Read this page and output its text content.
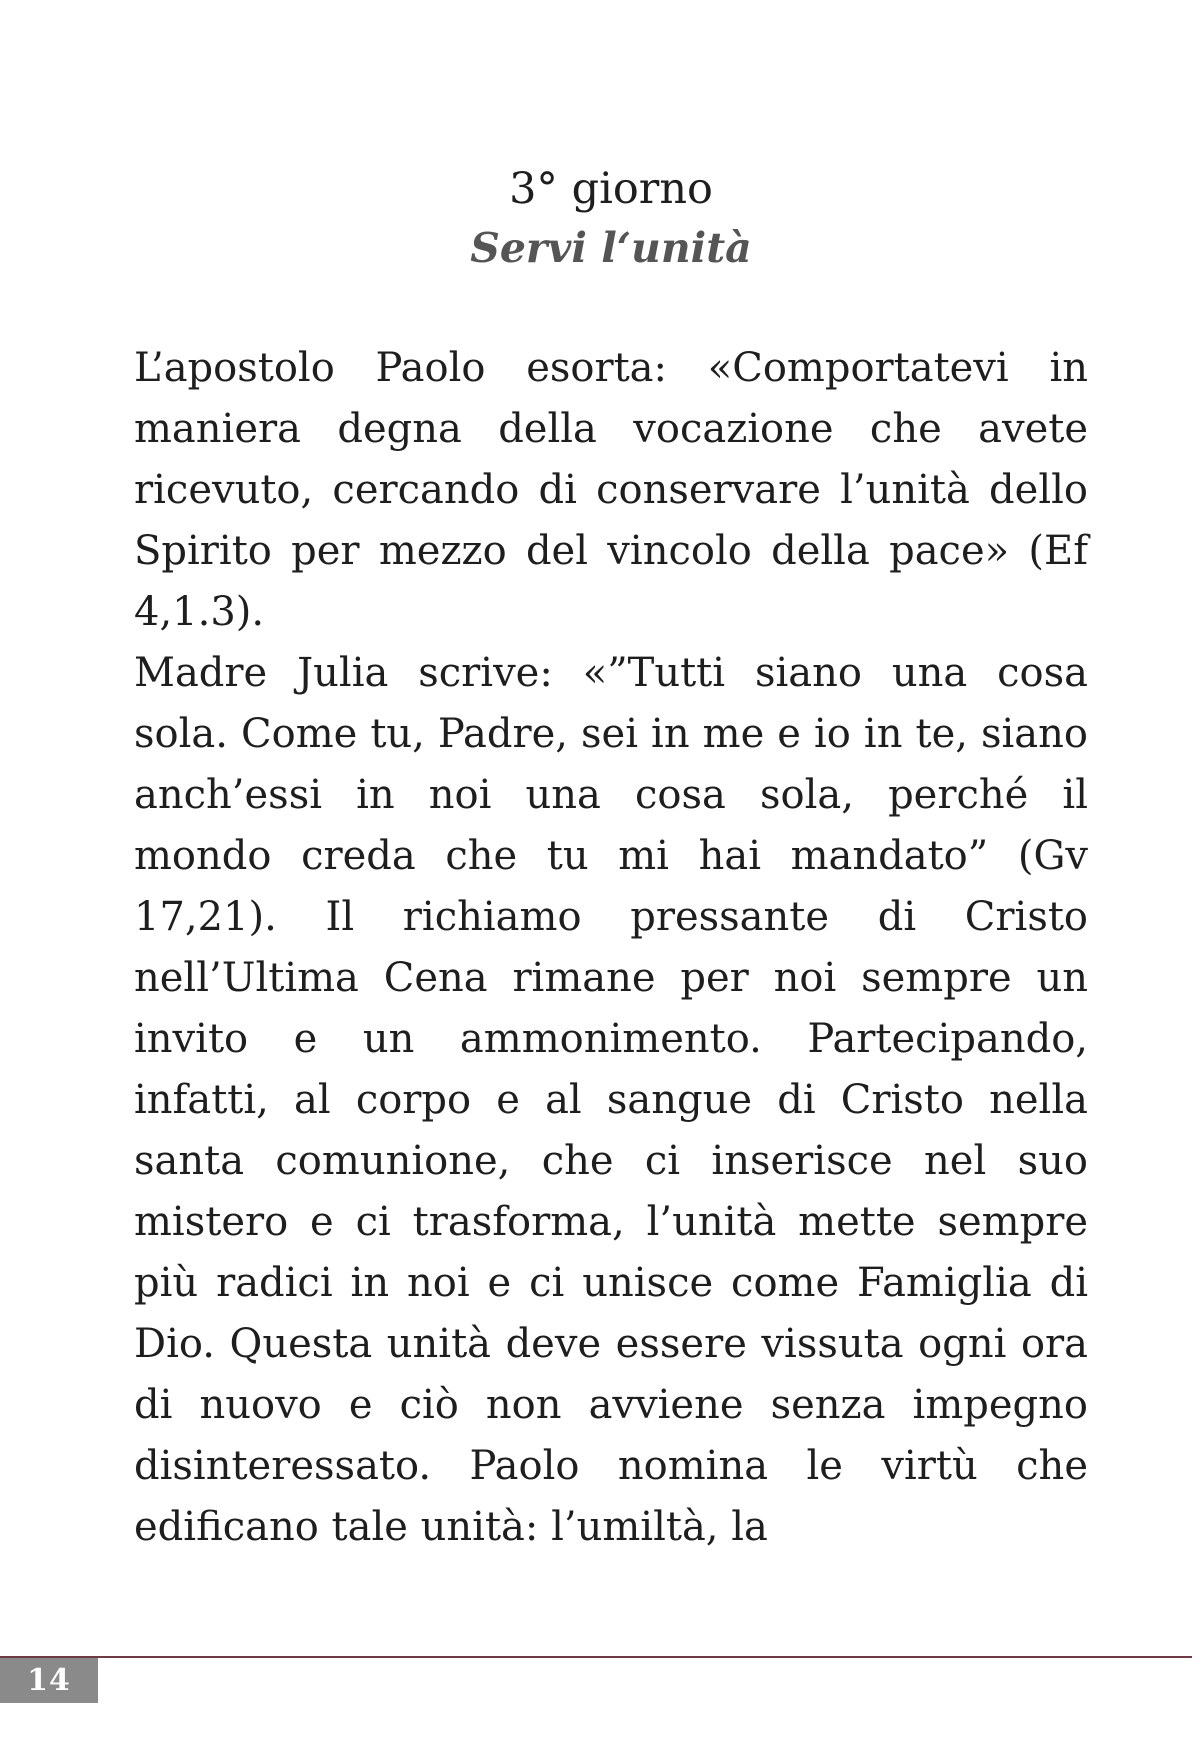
3° giorno
Servi l‘unità

L’apostolo Paolo esorta: «Comportatevi in maniera degna della vocazione che avete ricevuto, cercando di conservare l’unità dello Spirito per mezzo del vincolo della pace» (Ef 4,1.3).

Madre Julia scrive: «”Tutti siano una cosa sola. Come tu, Padre, sei in me e io in te, siano anch’essi in noi una cosa sola, perché il mondo creda che tu mi hai mandato” (Gv 17,21). Il richiamo pressante di Cristo nell’Ultima Cena rimane per noi sempre un invito e un ammonimento. Partecipando, infatti, al corpo e al sangue di Cristo nella santa comunione, che ci inserisce nel suo mistero e ci trasforma, l’unità mette sempre più radici in noi e ci unisce come Famiglia di Dio. Questa unità deve essere vissuta ogni ora di nuovo e ciò non avviene senza impegno disinteressato. Paolo nomina le virtù che edificano tale unità: l’umiltà, la

14
